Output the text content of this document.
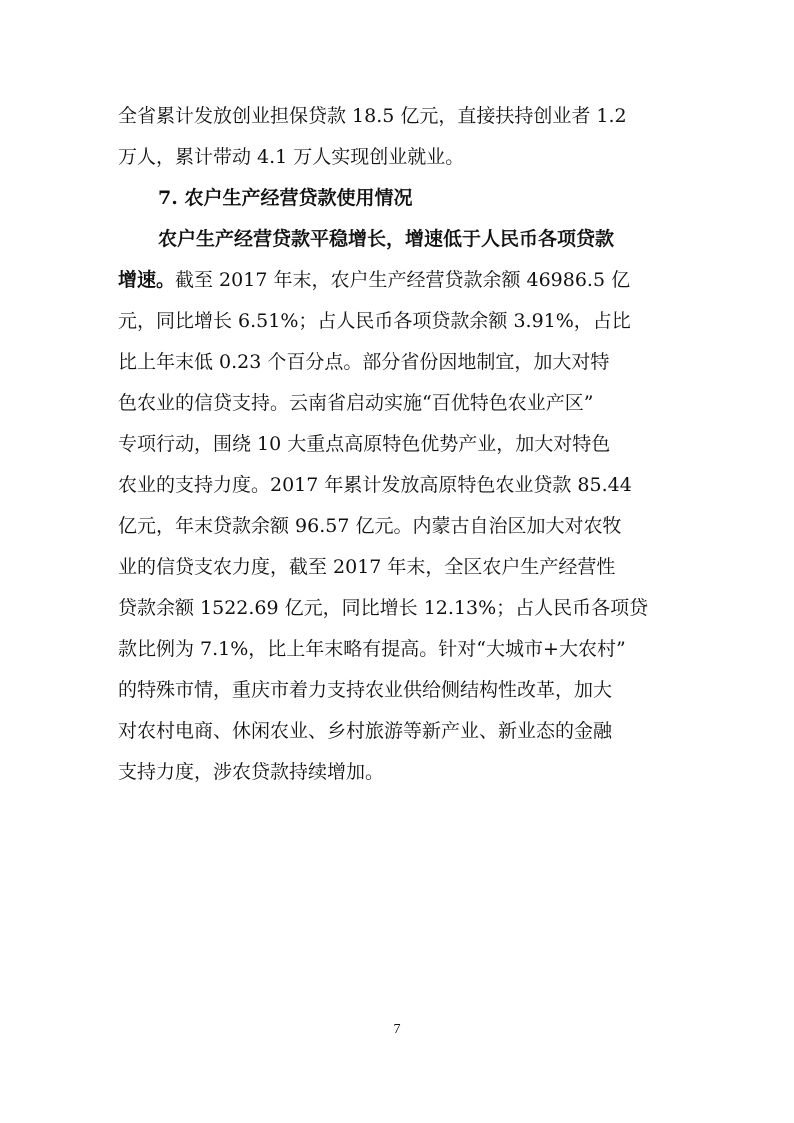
全省累计发放创业担保贷款 18.5 亿元，直接扶持创业者 1.2
万人，累计带动 4.1 万人实现创业就业。
7. 农户生产经营贷款使用情况
农户生产经营贷款平稳增长，增速低于人民币各项贷款
增速。截至 2017 年末，农户生产经营贷款余额 46986.5 亿
元，同比增长 6.51%；占人民币各项贷款余额 3.91%，占比
比上年末低 0.23 个百分点。部分省份因地制宜，加大对特
色农业的信贷支持。云南省启动实施“百优特色农业产区”
专项行动，围绕 10 大重点高原特色优势产业，加大对特色
农业的支持力度。2017 年累计发放高原特色农业贷款 85.44
亿元，年末贷款余额 96.57 亿元。内蒙古自治区加大对农牧
业的信贷支农力度，截至 2017 年末，全区农户生产经营性
贷款余额 1522.69 亿元，同比增长 12.13%；占人民币各项贷
款比例为 7.1%，比上年末略有提高。针对“大城市+大农村”
的特殊市情，重庆市着力支持农业供给侧结构性改革，加大
对农村电商、休闲农业、乡村旅游等新产业、新业态的金融
支持力度，涉农贷款持续增加。
7
